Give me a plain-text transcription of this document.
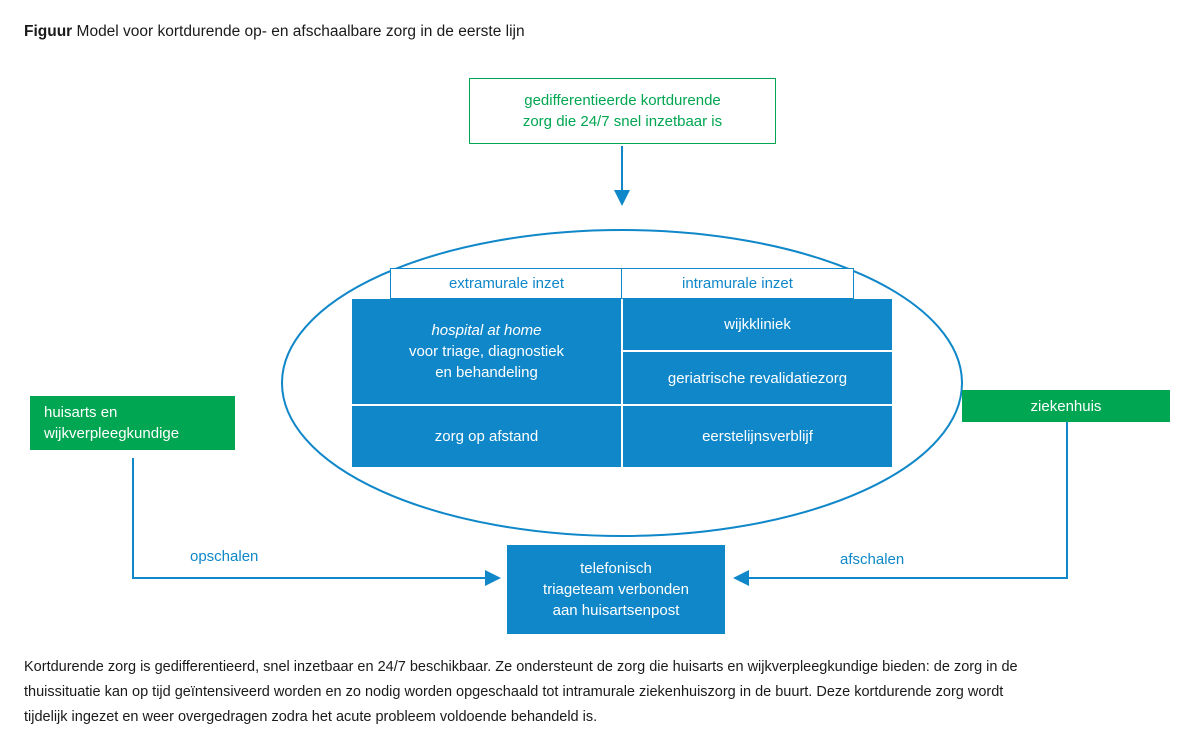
Figuur Model voor kortdurende op- en afschaalbare zorg in de eerste lijn
gedifferentieerde kortdurende
zorg die 24/7 snel inzetbaar is
huisarts en
wijkverpleegkundige
ziekenhuis
extramurale inzet	intramurale inzet
hospital at home
voor triage, diagnostiek
en behandeling
wijkkliniek
geriatrische revalidatiezorg
zorg op afstand	eerstelijnsverblijf
telefonisch
triageteam verbonden
aan huisartsenpost
opschalen	afschalen
Kortdurende zorg is gedifferentieerd, snel inzetbaar en 24/7 beschikbaar. Ze ondersteunt de zorg die huisarts en wijkverpleegkundige bieden: de zorg in de
thuissituatie kan op tijd geïntensiveerd worden en zo nodig worden opgeschaald tot intramurale ziekenhuiszorg in de buurt. Deze kortdurende zorg wordt
tijdelijk ingezet en weer overgedragen zodra het acute probleem voldoende behandeld is.
